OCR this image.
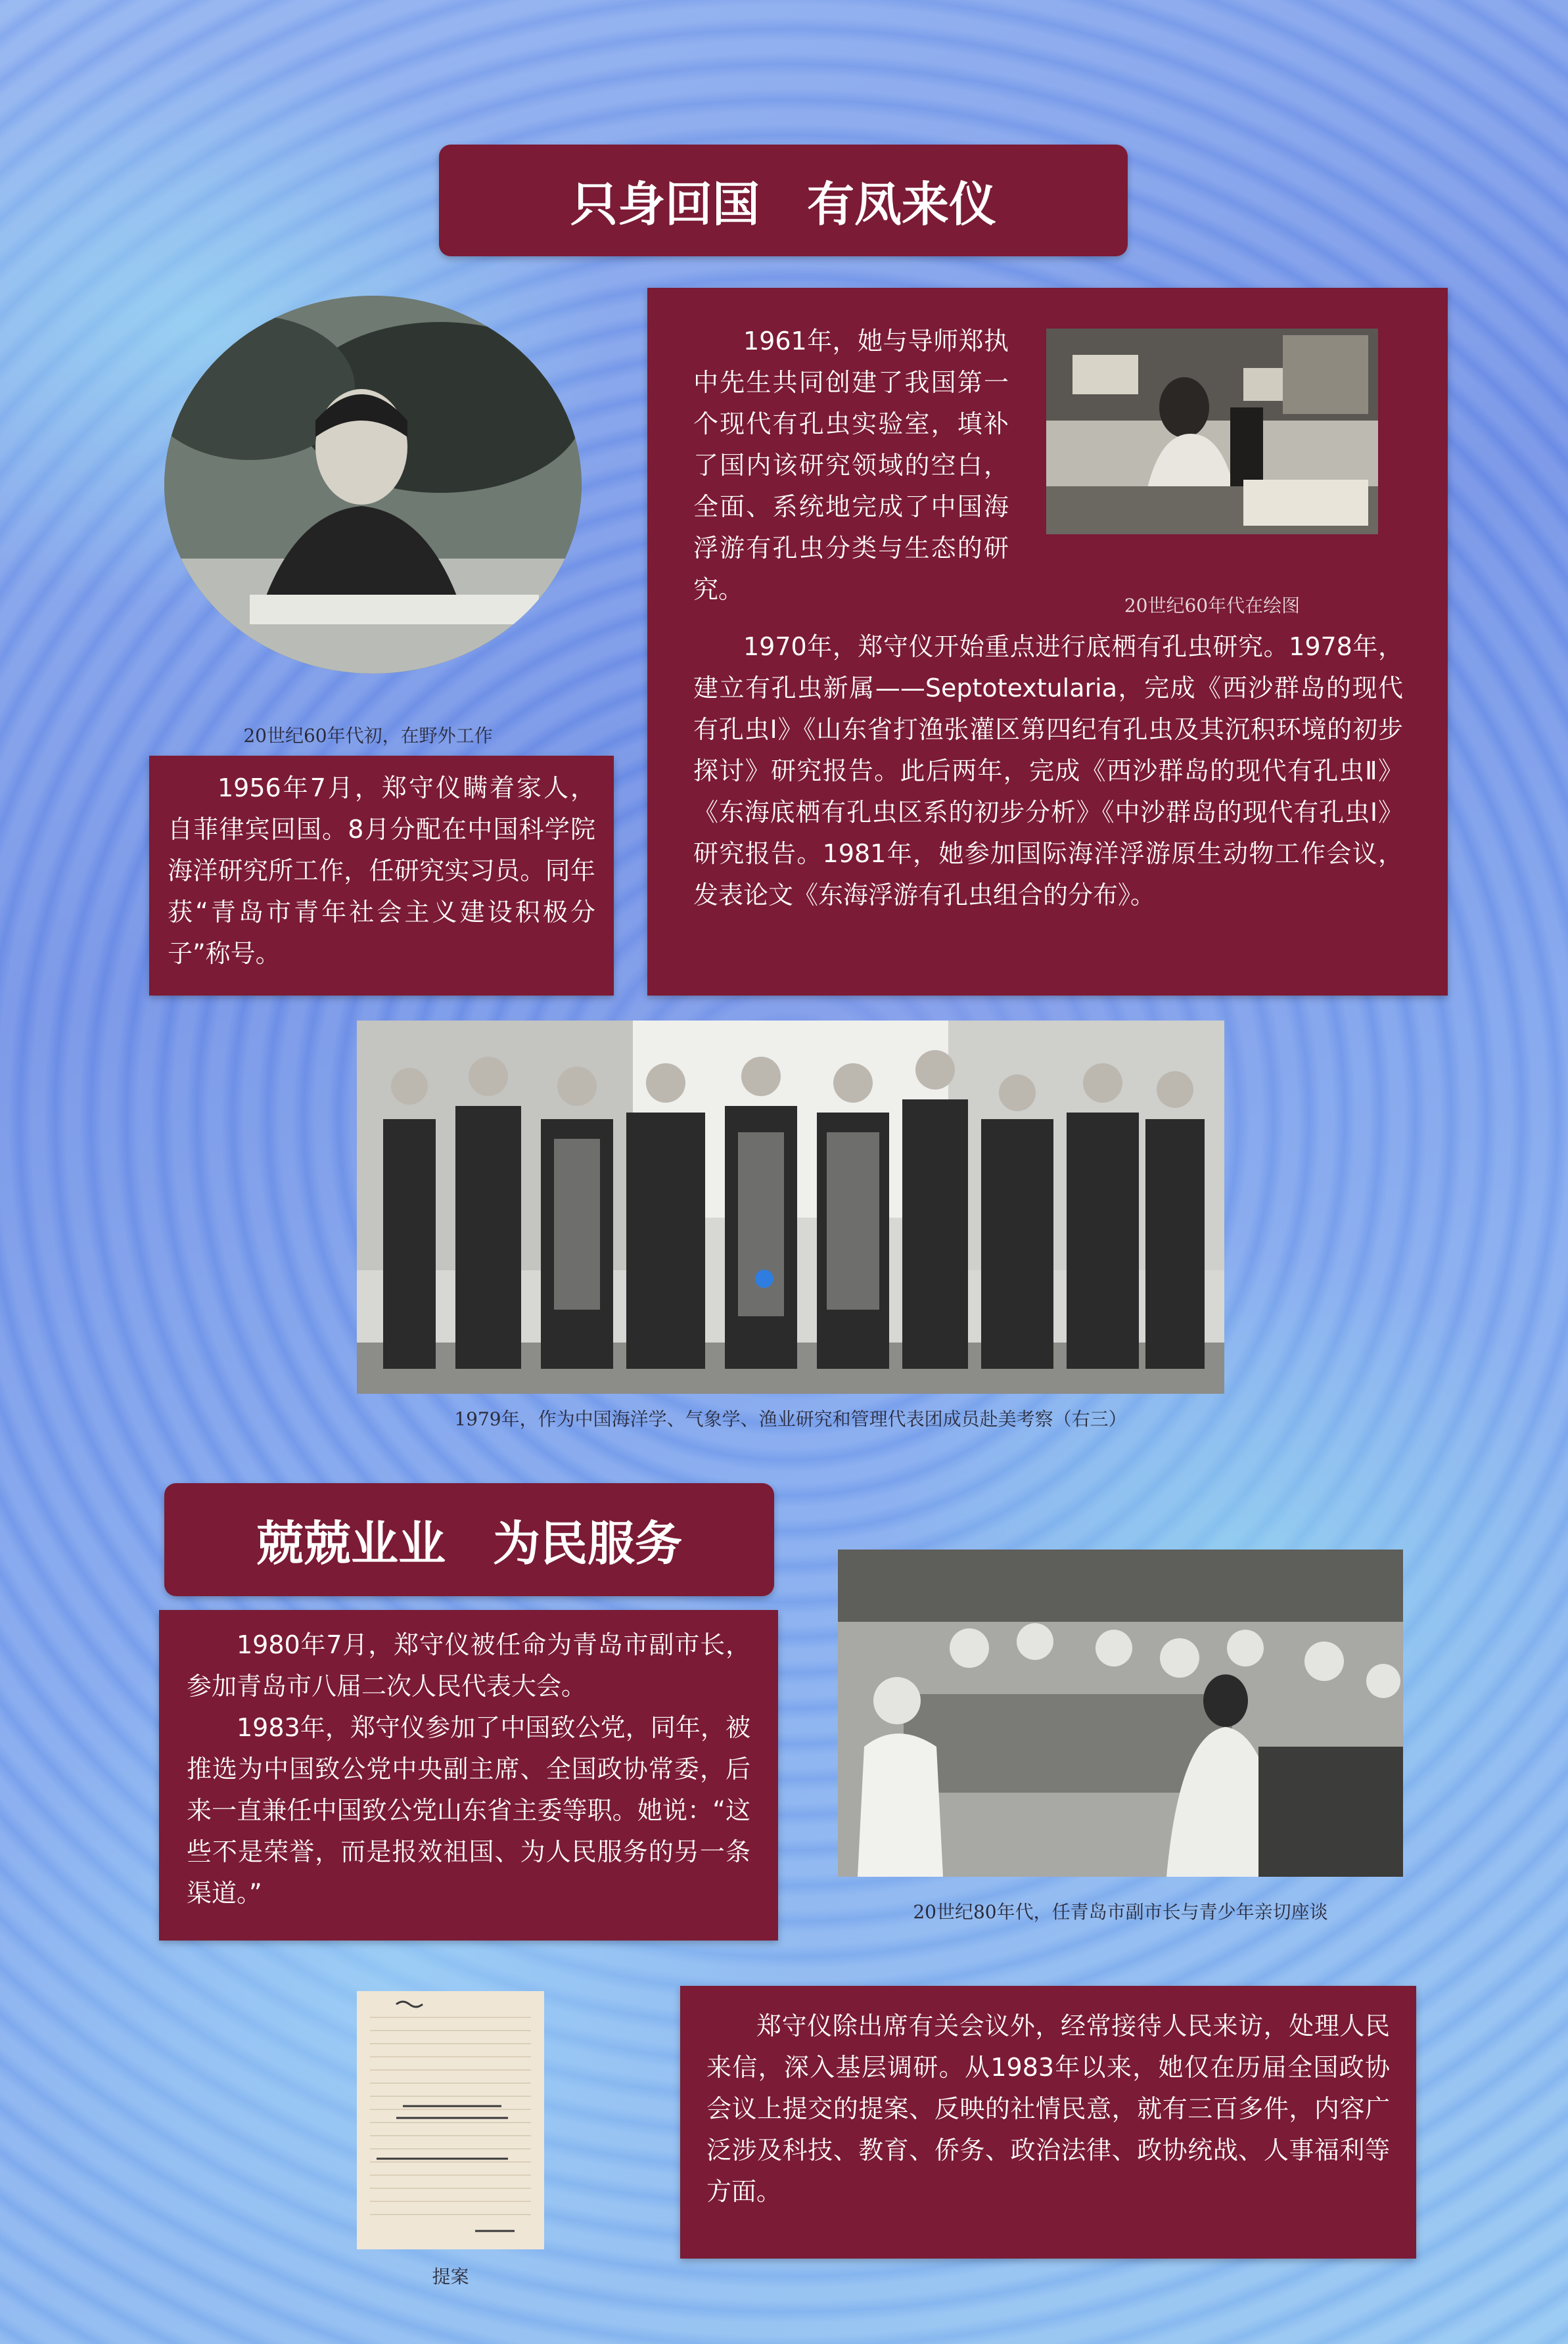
只身回国　有凤来仪
20世纪60年代初，在野外工作

1956年7月，郑守仪瞒着家人，自菲律宾回国。8月分配在中国科学院海洋研究所工作，任研究实习员。同年获“青岛市青年社会主义建设积极分子”称号。

1961年，她与导师郑执中先生共同创建了我国第一个现代有孔虫实验室，填补了国内该研究领域的空白，全面、系统地完成了中国海浮游有孔虫分类与生态的研究。

20世纪60年代在绘图

1970年，郑守仪开始重点进行底栖有孔虫研究。1978年，建立有孔虫新属——Septotextularia，完成《西沙群岛的现代有孔虫Ⅰ》《山东省打渔张灌区第四纪有孔虫及其沉积环境的初步探讨》研究报告。此后两年，完成《西沙群岛的现代有孔虫Ⅱ》《东海底栖有孔虫区系的初步分析》《中沙群岛的现代有孔虫Ⅰ》研究报告。1981年，她参加国际海洋浮游原生动物工作会议，发表论文《东海浮游有孔虫组合的分布》。

1979年，作为中国海洋学、气象学、渔业研究和管理代表团成员赴美考察（右三）
兢兢业业　为民服务

1980年7月，郑守仪被任命为青岛市副市长，参加青岛市八届二次人民代表大会。

1983年，郑守仪参加了中国致公党，同年，被推选为中国致公党中央副主席、全国政协常委，后来一直兼任中国致公党山东省主委等职。她说：“这些不是荣誉，而是报效祖国、为人民服务的另一条渠道。”

20世纪80年代，任青岛市副市长与青少年亲切座谈
提案

郑守仪除出席有关会议外，经常接待人民来访，处理人民来信，深入基层调研。从1983年以来，她仅在历届全国政协会议上提交的提案、反映的社情民意，就有三百多件，内容广泛涉及科技、教育、侨务、政治法律、政协统战、人事福利等方面。
